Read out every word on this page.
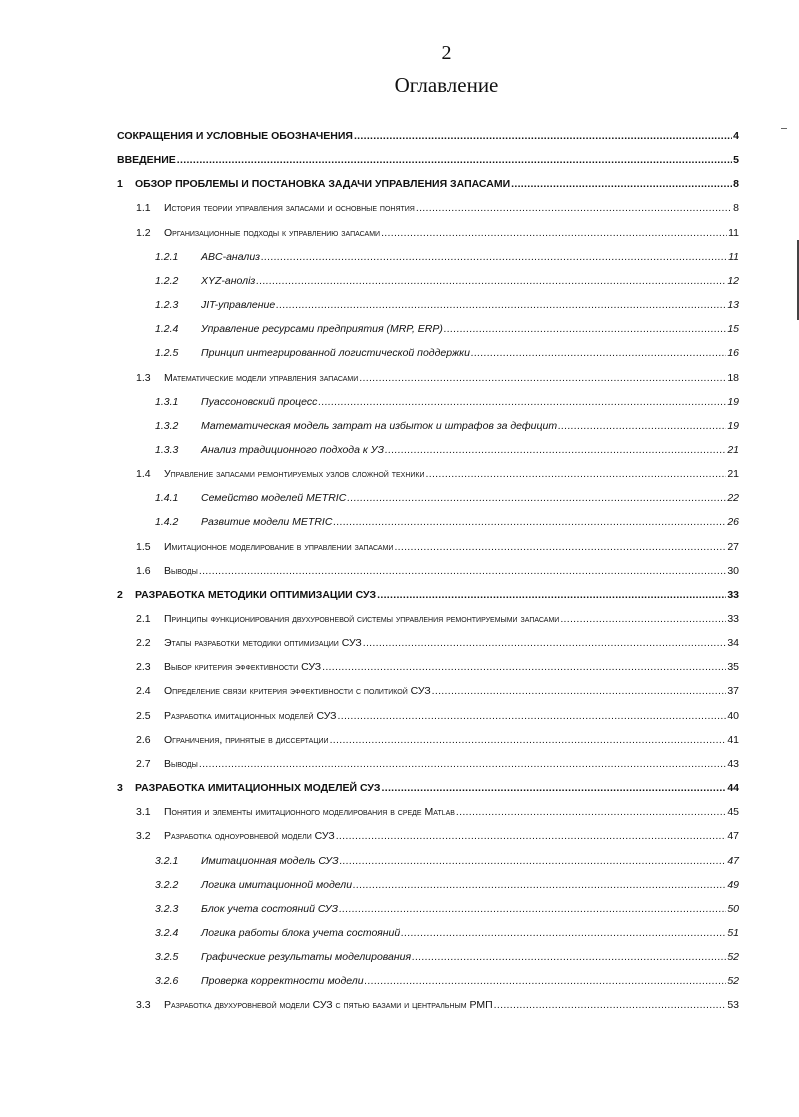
2
Оглавление
СОКРАЩЕНИЯ И УСЛОВНЫЕ ОБОЗНАЧЕНИЯ .....	4
ВВЕДЕНИЕ .....	5
1	ОБЗОР ПРОБЛЕМЫ И ПОСТАНОВКА ЗАДАЧИ УПРАВЛЕНИЯ ЗАПАСАМИ .....	8
1.1	История теории управления запасами и основные понятия .....	8
1.2	Организационные подходы к управлению запасами .....	11
1.2.1	ABC-анализ .....	11
1.2.2	XYZ-аноліз .....	12
1.2.3	JIT-управление .....	13
1.2.4	Управление ресурсами предприятия (MRP, ERP) .....	15
1.2.5	Принцип интегрированной логистической поддержки .....	16
1.3	Математические модели управления запасами .....	18
1.3.1	Пуассоновский процесс .....	19
1.3.2	Математическая модель затрат на избыток и штрафов за дефицит .....	19
1.3.3	Анализ традиционного подхода к УЗ .....	21
1.4	Управление запасами ремонтируемых узлов сложной техники .....	21
1.4.1	Семейство моделей METRIC .....	22
1.4.2	Развитие модели METRIC .....	26
1.5	Имитационное моделирование в управлении запасами .....	27
1.6	Выводы .....	30
2	РАЗРАБОТКА МЕТОДИКИ ОПТИМИЗАЦИИ СУЗ .....	33
2.1	Принципы функционирования двухуровневой системы управления ремонтируемыми запасами .....	33
2.2	Этапы разработки методики оптимизации СУЗ .....	34
2.3	Выбор критерия эффективности СУЗ .....	35
2.4	Определение связи критерия эффективности с политикой СУЗ .....	37
2.5	Разработка имитационных моделей СУЗ .....	40
2.6	Ограничения, принятые в диссертации .....	41
2.7	Выводы .....	43
3	РАЗРАБОТКА ИМИТАЦИОННЫХ МОДЕЛЕЙ СУЗ .....	44
3.1	Понятия и элементы имитационного моделирования в среде Matlab .....	45
3.2	Разработка одноуровневой модели СУЗ .....	47
3.2.1	Имитационная модель СУЗ .....	47
3.2.2	Логика имитационной модели .....	49
3.2.3	Блок учета состояний СУЗ .....	50
3.2.4	Логика работы блока учета состояний .....	51
3.2.5	Графические результаты моделирования .....	52
3.2.6	Проверка корректности модели .....	52
3.3	Разработка двухуровневой модели СУЗ с пятью базами и центральным РМП .....	53
